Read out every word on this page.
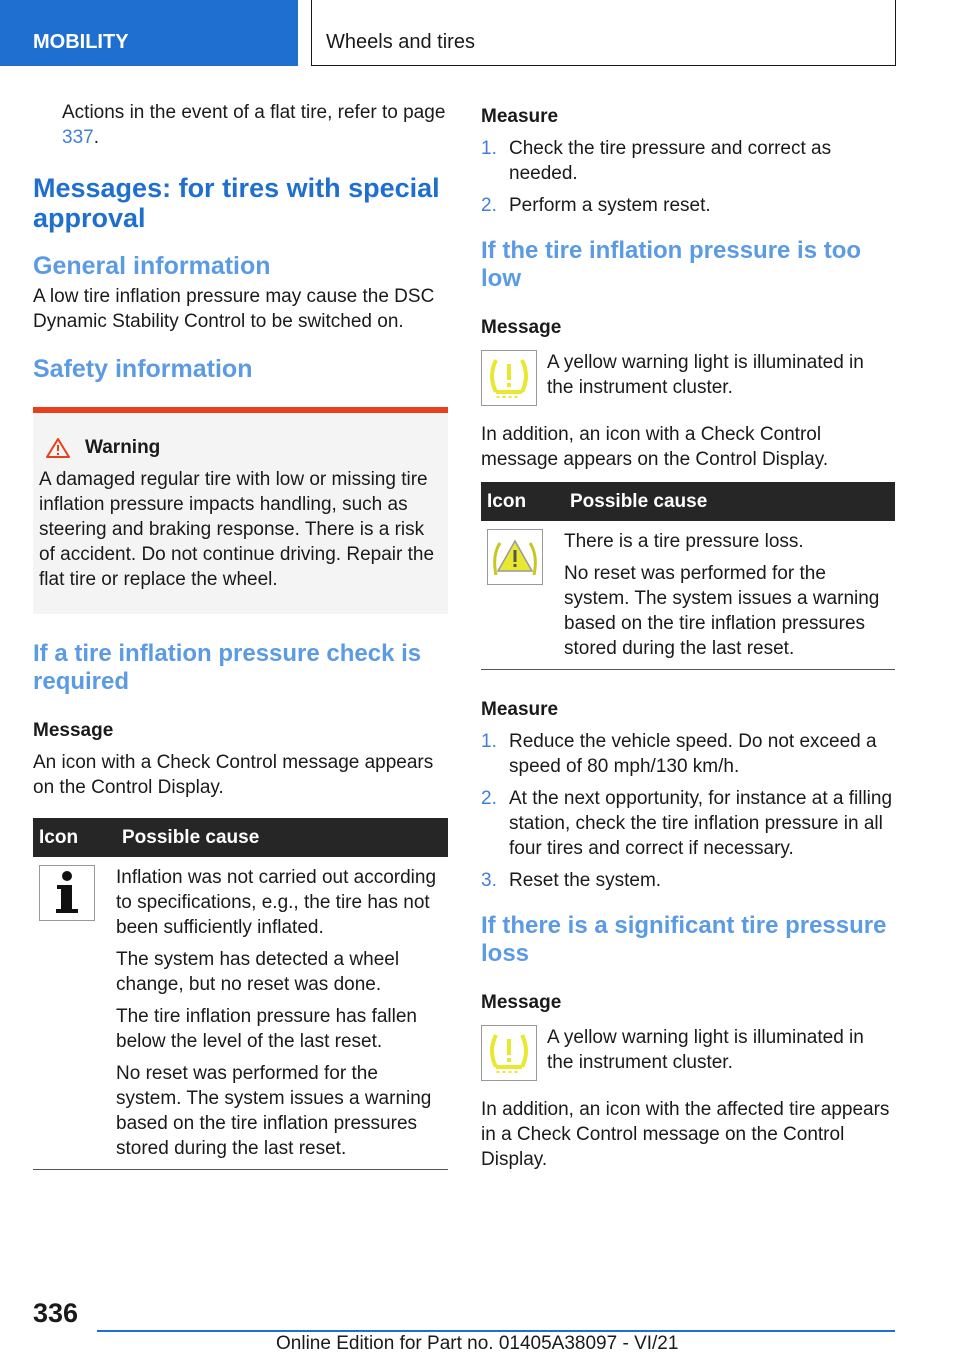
MOBILITY	Wheels and tires

Actions in the event of a flat tire, refer to page 337.

Messages: for tires with special approval
General information

A low tire inflation pressure may cause the DSC Dynamic Stability Control to be switched on.

Safety information
Warning

A damaged regular tire with low or missing tire inflation pressure impacts handling, such as steering and braking response. There is a risk of accident. Do not continue driving. Repair the flat tire or replace the wheel.

If a tire inflation pressure check is required
Message

An icon with a Check Control message appears on the Control Display.

Icon	Possible cause

Inflation was not carried out according to specifications, e.g., the tire has not been sufficiently inflated.

The system has detected a wheel change, but no reset was done.

The tire inflation pressure has fallen below the level of the last reset.

No reset was performed for the system. The system issues a warning based on the tire inflation pressures stored during the last reset.

Measure
1. Check the tire pressure and correct as needed.
2. Perform a system reset.
If the tire inflation pressure is too low
Message

A yellow warning light is illuminated in the instrument cluster.

In addition, an icon with a Check Control message appears on the Control Display.

Icon	Possible cause

There is a tire pressure loss.

No reset was performed for the system. The system issues a warning based on the tire inflation pressures stored during the last reset.

Measure
1. Reduce the vehicle speed. Do not exceed a speed of 80 mph/130 km/h.
2. At the next opportunity, for instance at a filling station, check the tire inflation pressure in all four tires and correct if necessary.
3. Reset the system.
If there is a significant tire pressure loss
Message

A yellow warning light is illuminated in the instrument cluster.

In addition, an icon with the affected tire appears in a Check Control message on the Control Display.

336
Online Edition for Part no. 01405A38097 - VI/21
